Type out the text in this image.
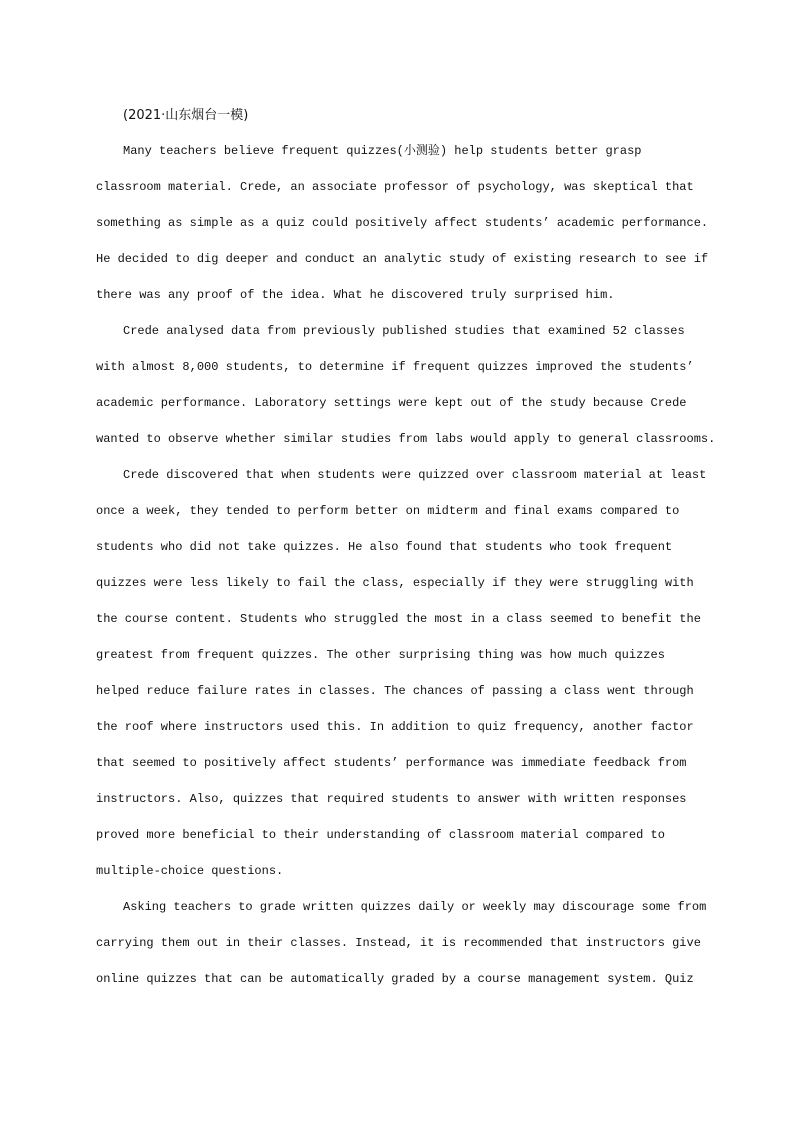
(2021·山东烟台一模)
Many teachers believe frequent quizzes(小测验) help students better grasp
classroom material. Crede, an associate professor of psychology, was skeptical that
something as simple as a quiz could positively affect students’ academic performance.
He decided to dig deeper and conduct an analytic study of existing research to see if
there was any proof of the idea. What he discovered truly surprised him.
Crede analysed data from previously published studies that examined 52 classes
with almost 8,000 students, to determine if frequent quizzes improved the students’
academic performance. Laboratory settings were kept out of the study because Crede
wanted to observe whether similar studies from labs would apply to general classrooms.
Crede discovered that when students were quizzed over classroom material at least
once a week, they tended to perform better on midterm and final exams compared to
students who did not take quizzes. He also found that students who took frequent
quizzes were less likely to fail the class, especially if they were struggling with
the course content. Students who struggled the most in a class seemed to benefit the
greatest from frequent quizzes. The other surprising thing was how much quizzes
helped reduce failure rates in classes. The chances of passing a class went through
the roof where instructors used this. In addition to quiz frequency, another factor
that seemed to positively affect students’ performance was immediate feedback from
instructors. Also, quizzes that required students to answer with written responses
proved more beneficial to their understanding of classroom material compared to
multiple-choice questions.
Asking teachers to grade written quizzes daily or weekly may discourage some from
carrying them out in their classes. Instead, it is recommended that instructors give
online quizzes that can be automatically graded by a course management system. Quiz
